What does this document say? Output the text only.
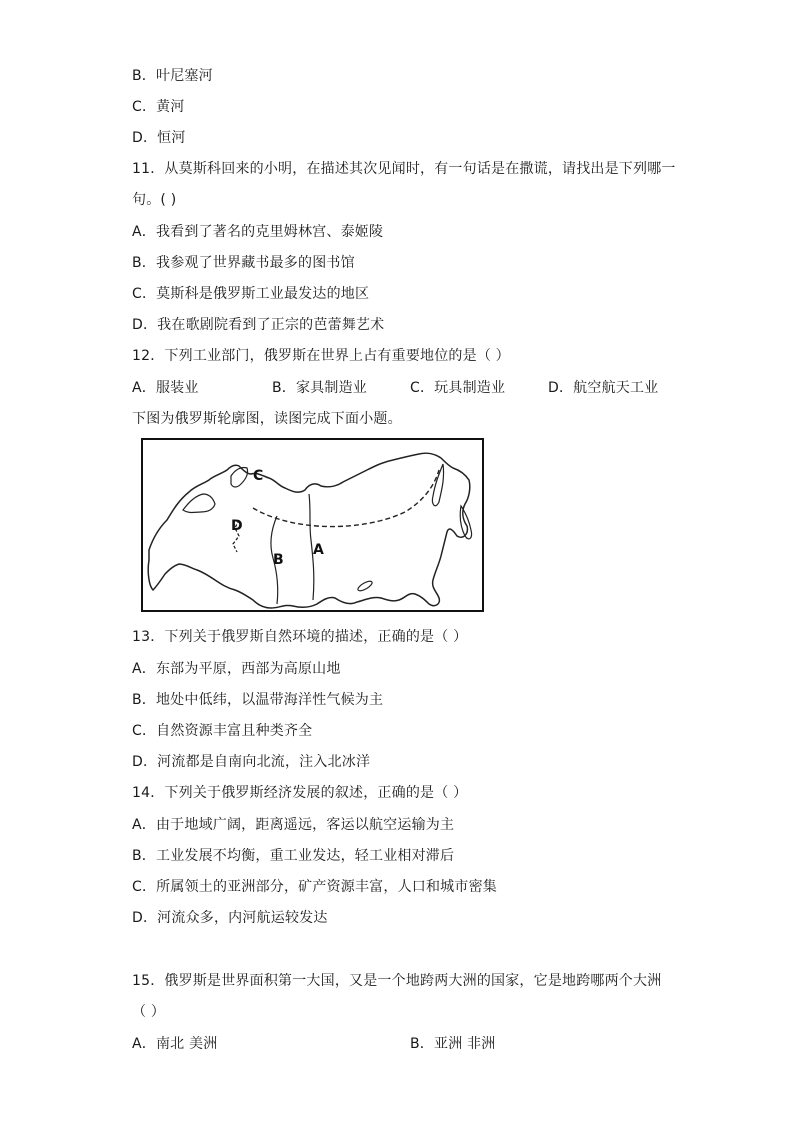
B．叶尼塞河
C．黄河
D．恒河
11．从莫斯科回来的小明，在描述其次见闻时，有一句话是在撒谎，请找出是下列哪一
句。( )
A．我看到了著名的克里姆林宫、泰姬陵
B．我参观了世界藏书最多的图书馆
C．莫斯科是俄罗斯工业最发达的地区
D．我在歌剧院看到了正宗的芭蕾舞艺术
12．下列工业部门，俄罗斯在世界上占有重要地位的是（ ）
A．服装业	B．家具制造业	C．玩具制造业	D．航空航天工业
下图为俄罗斯轮廓图，读图完成下面小题。
C
D
B
A
13．下列关于俄罗斯自然环境的描述，正确的是（ ）
A．东部为平原，西部为高原山地
B．地处中低纬，以温带海洋性气候为主
C．自然资源丰富且种类齐全
D．河流都是自南向北流，注入北冰洋
14．下列关于俄罗斯经济发展的叙述，正确的是（ ）
A．由于地域广阔，距离遥远，客运以航空运输为主
B．工业发展不均衡，重工业发达，轻工业相对滞后
C．所属领土的亚洲部分，矿产资源丰富，人口和城市密集
D．河流众多，内河航运较发达
15．俄罗斯是世界面积第一大国，又是一个地跨两大洲的国家，它是地跨哪两个大洲
（ ）
A．南北 美洲	B．亚洲 非洲
